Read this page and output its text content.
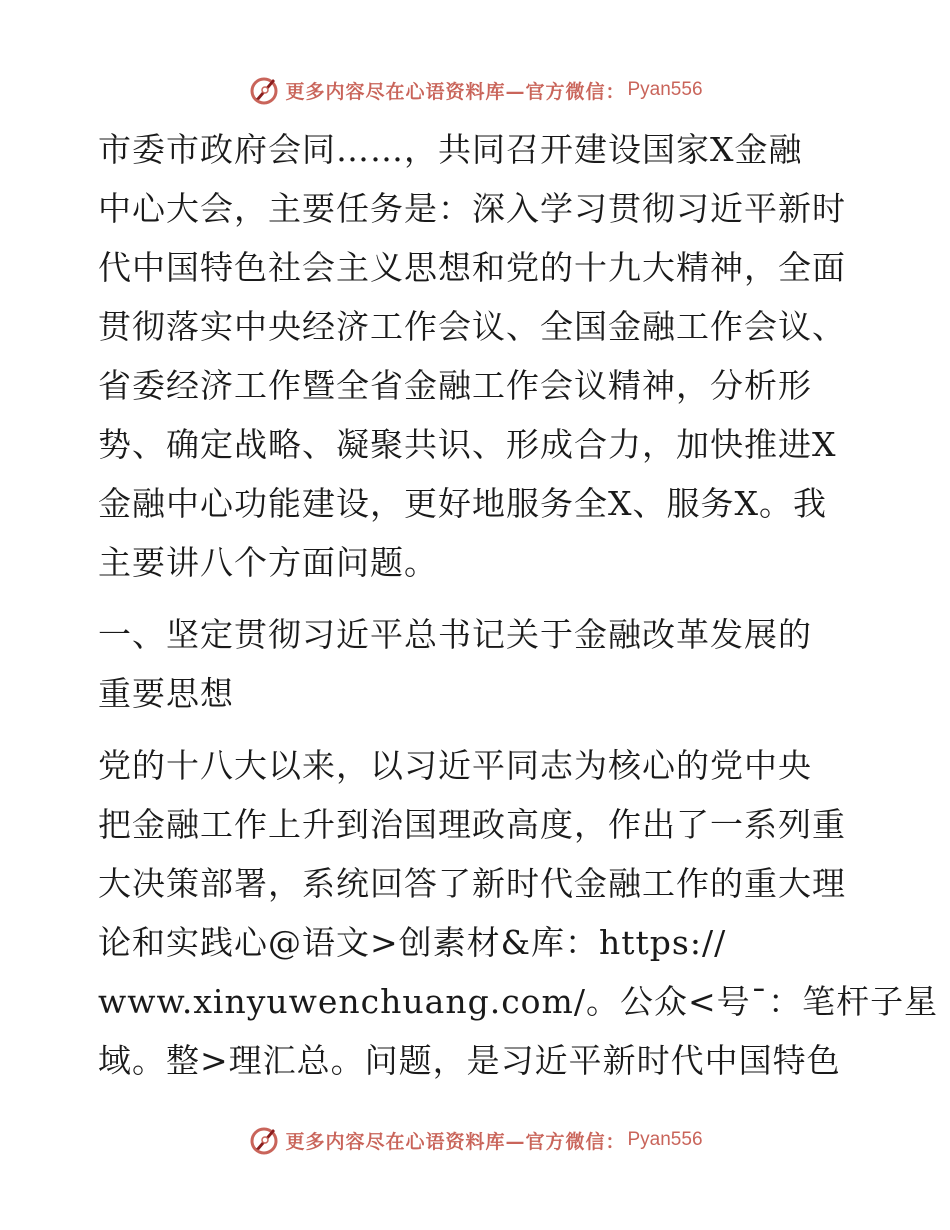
更多内容尽在心语资料库—官方微信： Pyan556
市委市政府会同……，共同召开建设国家X金融
中心大会，主要任务是：深入学习贯彻习近平新时
代中国特色社会主义思想和党的十九大精神，全面
贯彻落实中央经济工作会议、全国金融工作会议、
省委经济工作暨全省金融工作会议精神，分析形
势、确定战略、凝聚共识、形成合力，加快推进X
金融中心功能建设，更好地服务全X、服务X。我
主要讲八个方面问题。
一、坚定贯彻习近平总书记关于金融改革发展的
重要思想
党的十八大以来，以习近平同志为核心的党中央
把金融工作上升到治国理政高度，作出了一系列重
大决策部署，系统回答了新时代金融工作的重大理
论和实践心@语文>创素材&库：https://
www.xinyuwenchuang.com/。公众<号¯：笔杆子星
域。整>理汇总。问题，是习近平新时代中国特色
更多内容尽在心语资料库—官方微信： Pyan556
